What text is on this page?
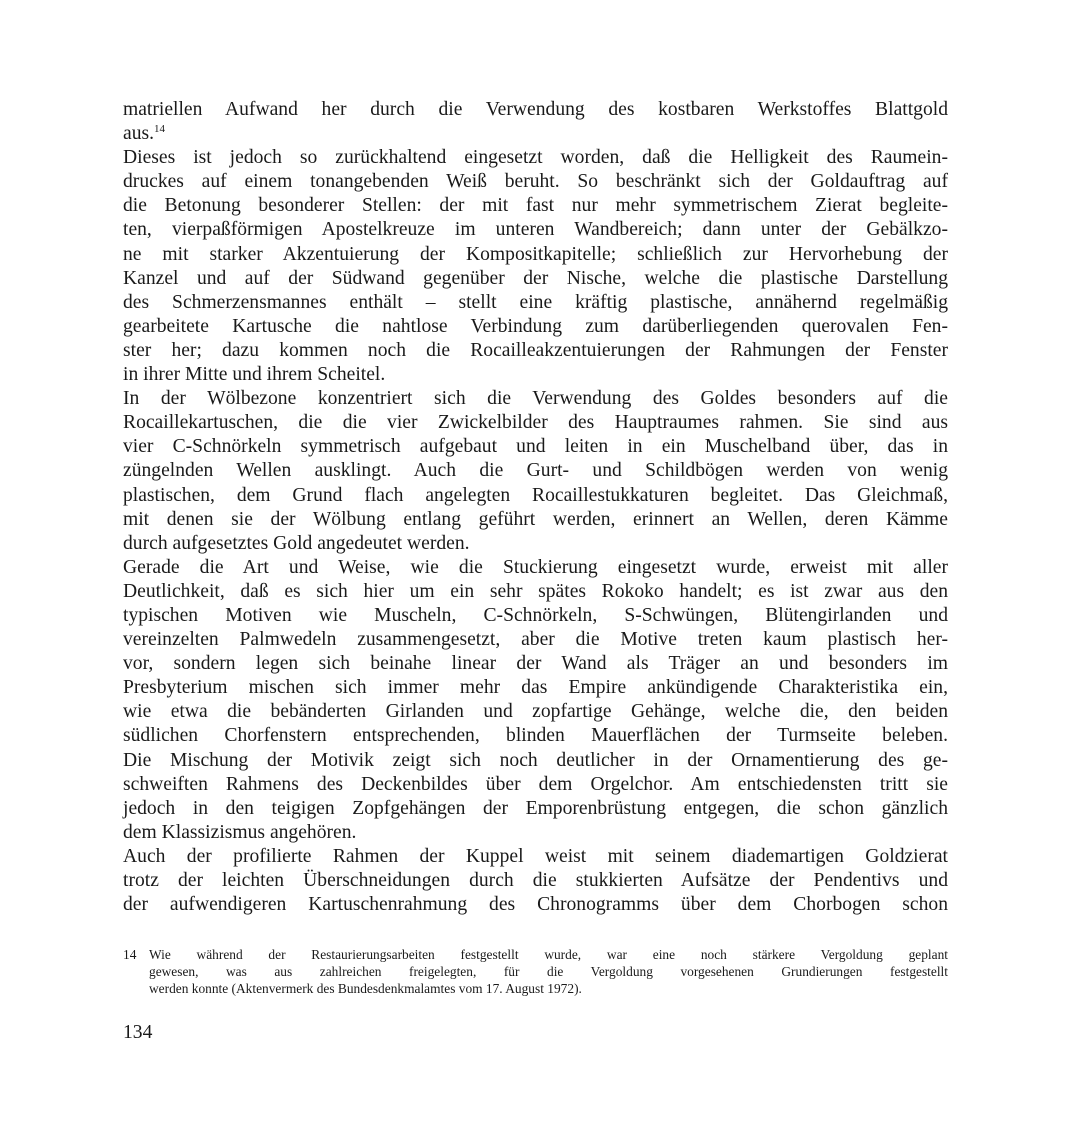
matriellen Aufwand her durch die Verwendung des kostbaren Werkstoffes Blattgold
aus.$^{14}$
Dieses ist jedoch so zurückhaltend eingesetzt worden, daß die Helligkeit des Raumein-
druckes auf einem tonangebenden Weiß beruht. So beschränkt sich der Goldauftrag auf
die Betonung besonderer Stellen: der mit fast nur mehr symmetrischem Zierat begleite-
ten, vierpaßförmigen Apostelkreuze im unteren Wandbereich; dann unter der Gebälkzo-
ne mit starker Akzentuierung der Kompositkapitelle; schließlich zur Hervorhebung der
Kanzel und auf der Südwand gegenüber der Nische, welche die plastische Darstellung
des Schmerzensmannes enthält – stellt eine kräftig plastische, annähernd regelmäßig
gearbeitete Kartusche die nahtlose Verbindung zum darüberliegenden querovalen Fen-
ster her; dazu kommen noch die Rocailleakzentuierungen der Rahmungen der Fenster
in ihrer Mitte und ihrem Scheitel.
In der Wölbezone konzentriert sich die Verwendung des Goldes besonders auf die
Rocaillekartuschen, die die vier Zwickelbilder des Hauptraumes rahmen. Sie sind aus
vier C-Schnörkeln symmetrisch aufgebaut und leiten in ein Muschelband über, das in
züngelnden Wellen ausklingt. Auch die Gurt- und Schildbögen werden von wenig
plastischen, dem Grund flach angelegten Rocaillestukkaturen begleitet. Das Gleichmaß,
mit denen sie der Wölbung entlang geführt werden, erinnert an Wellen, deren Kämme
durch aufgesetztes Gold angedeutet werden.
Gerade die Art und Weise, wie die Stuckierung eingesetzt wurde, erweist mit aller
Deutlichkeit, daß es sich hier um ein sehr spätes Rokoko handelt; es ist zwar aus den
typischen Motiven wie Muscheln, C-Schnörkeln, S-Schwüngen, Blütengirlanden und
vereinzelten Palmwedeln zusammengesetzt, aber die Motive treten kaum plastisch her-
vor, sondern legen sich beinahe linear der Wand als Träger an und besonders im
Presbyterium mischen sich immer mehr das Empire ankündigende Charakteristika ein,
wie etwa die bebänderten Girlanden und zopfartige Gehänge, welche die, den beiden
südlichen Chorfenstern entsprechenden, blinden Mauerflächen der Turmseite beleben.
Die Mischung der Motivik zeigt sich noch deutlicher in der Ornamentierung des ge-
schweiften Rahmens des Deckenbildes über dem Orgelchor. Am entschiedensten tritt sie
jedoch in den teigigen Zopfgehängen der Emporenbrüstung entgegen, die schon gänzlich
dem Klassizismus angehören.
Auch der profilierte Rahmen der Kuppel weist mit seinem diademartigen Goldzierat
trotz der leichten Überschneidungen durch die stukkierten Aufsätze der Pendentivs und
der aufwendigeren Kartuschenrahmung des Chronogramms über dem Chorbogen schon
14 Wie während der Restaurierungsarbeiten festgestellt wurde, war eine noch stärkere Vergoldung geplant
gewesen, was aus zahlreichen freigelegten, für die Vergoldung vorgesehenen Grundierungen festgestellt
werden konnte (Aktenvermerk des Bundesdenkmalamtes vom 17. August 1972).
134
